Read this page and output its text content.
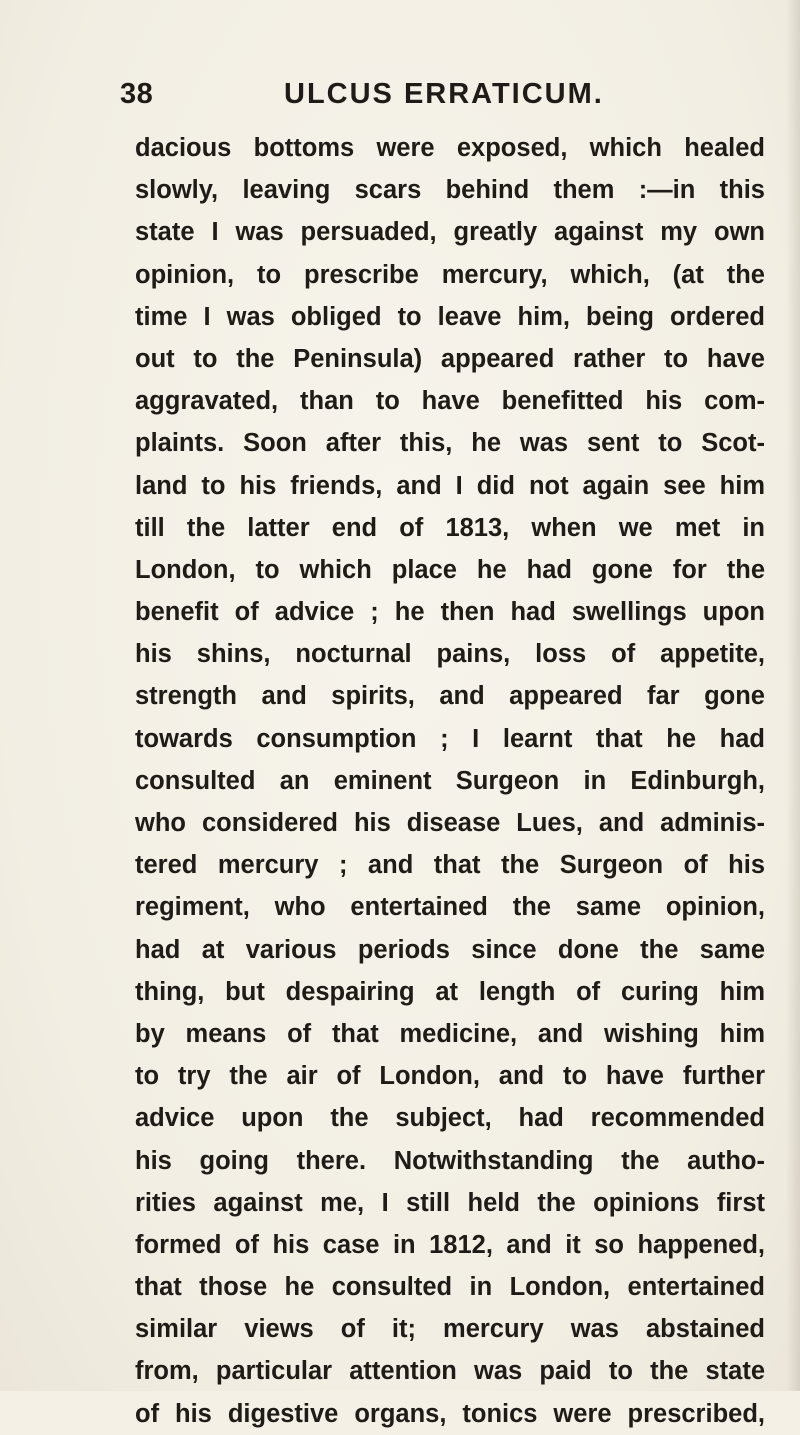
38	ULCUS ERRATICUM.
dacious bottoms were exposed, which healed
slowly, leaving scars behind them :—in this
state I was persuaded, greatly against my own
opinion, to prescribe mercury, which, (at the
time I was obliged to leave him, being ordered
out to the Peninsula) appeared rather to have
aggravated, than to have benefitted his com-
plaints. Soon after this, he was sent to Scot-
land to his friends, and I did not again see him
till the latter end of 1813, when we met in
London, to which place he had gone for the
benefit of advice ; he then had swellings upon
his shins, nocturnal pains, loss of appetite,
strength and spirits, and appeared far gone
towards consumption ; I learnt that he had
consulted an eminent Surgeon in Edinburgh,
who considered his disease Lues, and adminis-
tered mercury ; and that the Surgeon of his
regiment, who entertained the same opinion,
had at various periods since done the same
thing, but despairing at length of curing him
by means of that medicine, and wishing him
to try the air of London, and to have further
advice upon the subject, had recommended
his going there. Notwithstanding the autho-
rities against me, I still held the opinions first
formed of his case in 1812, and it so happened,
that those he consulted in London, entertained
similar views of it; mercury was abstained
from, particular attention was paid to the state
of his digestive organs, tonics were prescribed,
